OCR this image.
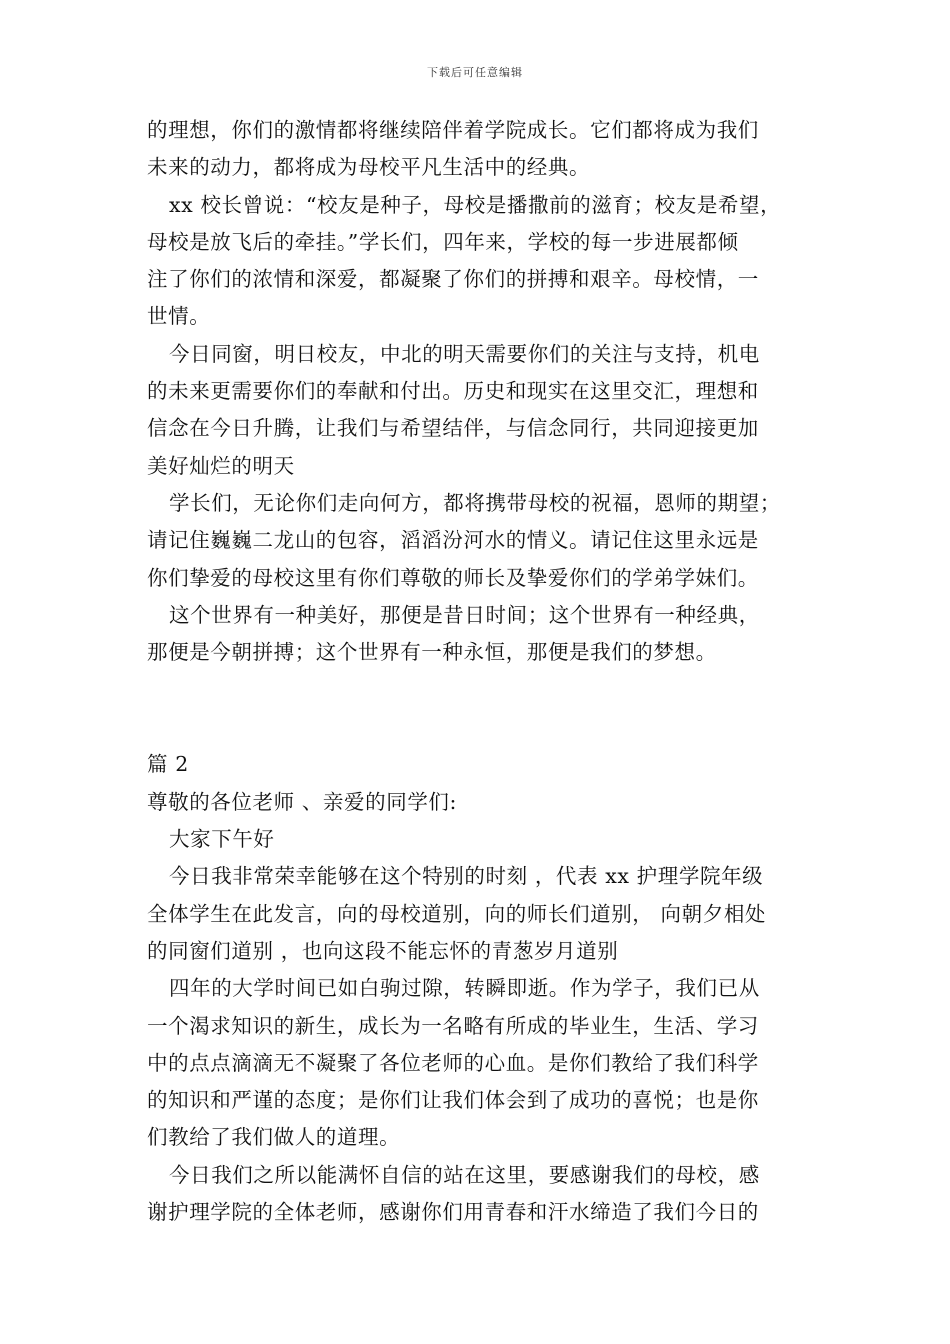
下载后可任意编辑
的理想，你们的激情都将继续陪伴着学院成长。它们都将成为我们
未来的动力，都将成为母校平凡生活中的经典。
xx 校长曾说：“校友是种子，母校是播撒前的滋育；校友是希望，
母校是放飞后的牵挂。”学长们，四年来，学校的每一步进展都倾
注了你们的浓情和深爱，都凝聚了你们的拼搏和艰辛。母校情，一
世情。
今日同窗，明日校友，中北的明天需要你们的关注与支持，机电
的未来更需要你们的奉献和付出。历史和现实在这里交汇，理想和
信念在今日升腾，让我们与希望结伴，与信念同行，共同迎接更加
美好灿烂的明天
学长们，无论你们走向何方，都将携带母校的祝福，恩师的期望；
请记住巍巍二龙山的包容，滔滔汾河水的情义。请记住这里永远是
你们挚爱的母校这里有你们尊敬的师长及挚爱你们的学弟学妹们。
这个世界有一种美好，那便是昔日时间；这个世界有一种经典，
那便是今朝拼搏；这个世界有一种永恒，那便是我们的梦想。
篇 2
尊敬的各位老师 、亲爱的同学们:
大家下午好
今日我非常荣幸能够在这个特别的时刻 ，代表 xx 护理学院年级
全体学生在此发言，向的母校道别，向的师长们道别， 向朝夕相处
的同窗们道别 ，也向这段不能忘怀的青葱岁月道别
四年的大学时间已如白驹过隙，转瞬即逝。作为学子，我们已从
一个渴求知识的新生，成长为一名略有所成的毕业生，生活、学习
中的点点滴滴无不凝聚了各位老师的心血。是你们教给了我们科学
的知识和严谨的态度；是你们让我们体会到了成功的喜悦；也是你
们教给了我们做人的道理。
今日我们之所以能满怀自信的站在这里，要感谢我们的母校，感
谢护理学院的全体老师，感谢你们用青春和汗水缔造了我们今日的
